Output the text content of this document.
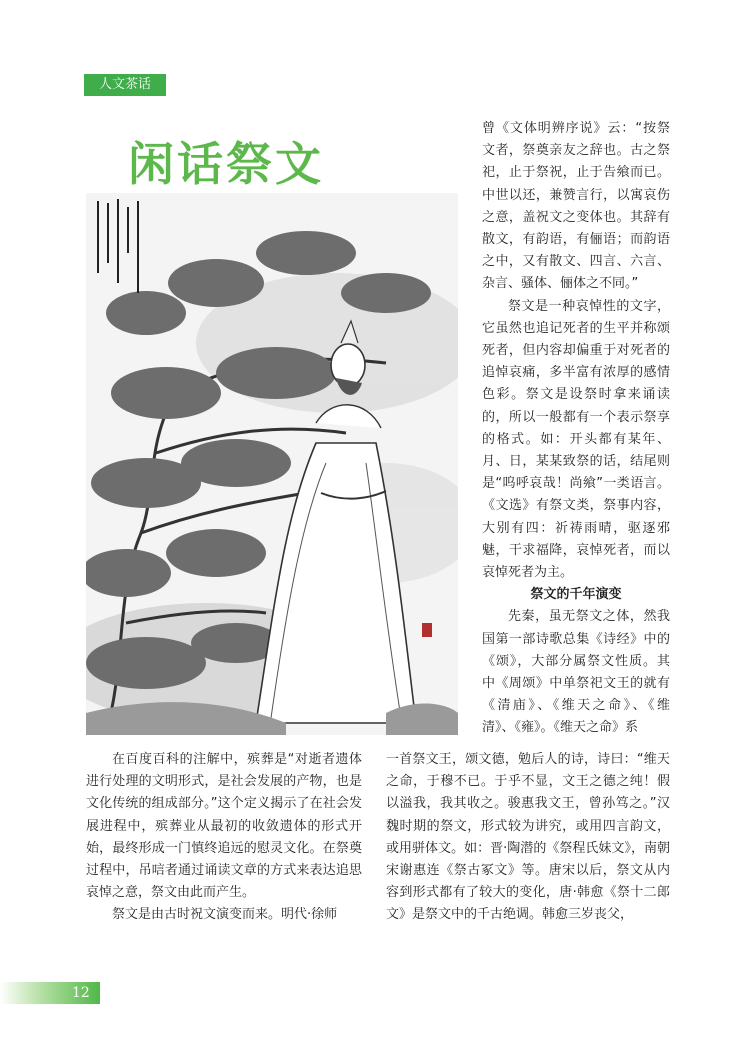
人文茶话
闲话祭文

曾《文体明辨序说》云：“按祭文者，祭奠亲友之辞也。古之祭祀，止于祭祝，止于告飨而已。中世以还，兼赞言行，以寓哀伤之意，盖祝文之变体也。其辞有散文，有韵语，有俪语；而韵语之中，又有散文、四言、六言、杂言、骚体、俪体之不同。”

祭文是一种哀悼性的文字，它虽然也追记死者的生平并称颂死者，但内容却偏重于对死者的追悼哀痛，多半富有浓厚的感情色彩。祭文是设祭时拿来诵读的，所以一般都有一个表示祭享的格式。如：开头都有某年、月、日，某某致祭的话，结尾则是“呜呼哀哉！尚飨”一类语言。《文选》有祭文类，祭事内容，大别有四：祈祷雨晴，驱逐邪魅，干求福降，哀悼死者，而以哀悼死者为主。

祭文的千年演变

先秦，虽无祭文之体，然我国第一部诗歌总集《诗经》中的《颂》，大部分属祭文性质。其中《周颂》中单祭祀文王的就有《清庙》、《维天之命》、《维清》、《雍》。《维天之命》系

在百度百科的注解中，殡葬是“对逝者遗体进行处理的文明形式，是社会发展的产物，也是文化传统的组成部分。”这个定义揭示了在社会发展进程中，殡葬业从最初的收敛遗体的形式开始，最终形成一门慎终追远的慰灵文化。在祭奠过程中，吊唁者通过诵读文章的方式来表达追思哀悼之意，祭文由此而产生。

祭文是由古时祝文演变而来。明代·徐师

一首祭文王，颂文德，勉后人的诗，诗曰：“维天之命，于穆不已。于乎不显，文王之德之纯！假以溢我，我其收之。骏惠我文王，曾孙笃之。”汉魏时期的祭文，形式较为讲究，或用四言韵文，或用骈体文。如：晋·陶潜的《祭程氏妹文》，南朝宋谢惠连《祭古冢文》等。唐宋以后，祭文从内容到形式都有了较大的变化，唐·韩愈《祭十二郎文》是祭文中的千古绝调。韩愈三岁丧父，

12
